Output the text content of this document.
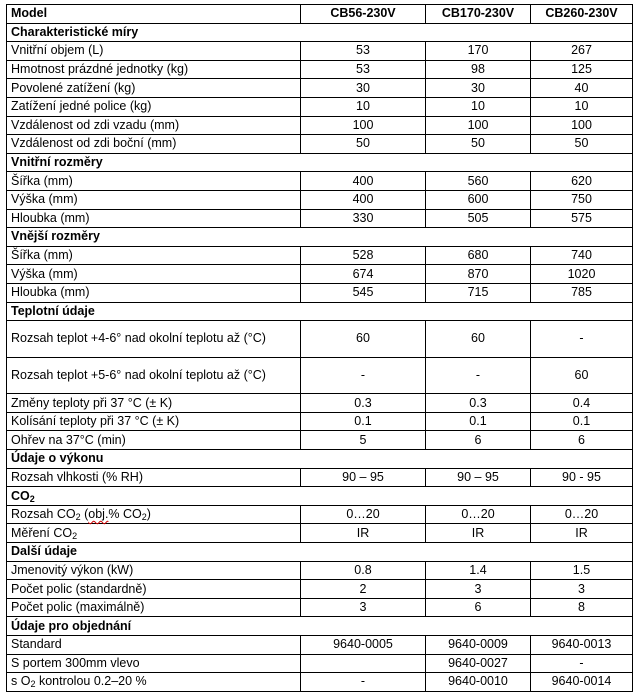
Model	CB56-230V	CB170-230V	CB260-230V
Charakteristické míry			
Vnitřní objem (L)	53	170	267
Hmotnost prázdné jednotky (kg)	53	98	125
Povolené zatížení (kg)	30	30	40
Zatížení jedné police (kg)	10	10	10
Vzdálenost od zdi vzadu (mm)	100	100	100
Vzdálenost od zdi boční (mm)	50	50	50
Vnitřní rozměry			
Šířka (mm)	400	560	620
Výška (mm)	400	600	750
Hloubka (mm)	330	505	575
Vnější rozměry			
Šířka (mm)	528	680	740
Výška (mm)	674	870	1020
Hloubka (mm)	545	715	785
Teplotní údaje			
Rozsah teplot +4-6° nad okolní teplotu až (°C)	60	60	-
Rozsah teplot +5-6° nad okolní teplotu až (°C)	-	-	60
Změny teploty při 37 °C (± K)	0.3	0.3	0.4
Kolísání teploty při 37 °C (± K)	0.1	0.1	0.1
Ohřev na 37°C (min)	5	6	6
Údaje o výkonu			
Rozsah vlhkosti (% RH)	90 – 95	90 – 95	90 - 95
$CO_2$
Rozsah $CO_2$ (obj.% $CO_2$)	0…20	0…20	0…20
Měření $CO_2$	IR	IR	IR
Další údaje			
Jmenovitý výkon (kW)	0.8	1.4	1.5
Počet polic (standardně)	2	3	3
Počet polic (maximálně)	3	6	8
Údaje pro objednání			
Standard	9640-0005	9640-0009	9640-0013
S portem 300mm vlevo		9640-0027	-
s $O_2$ kontrolou 0.2–20 %	-	9640-0010	9640-0014
